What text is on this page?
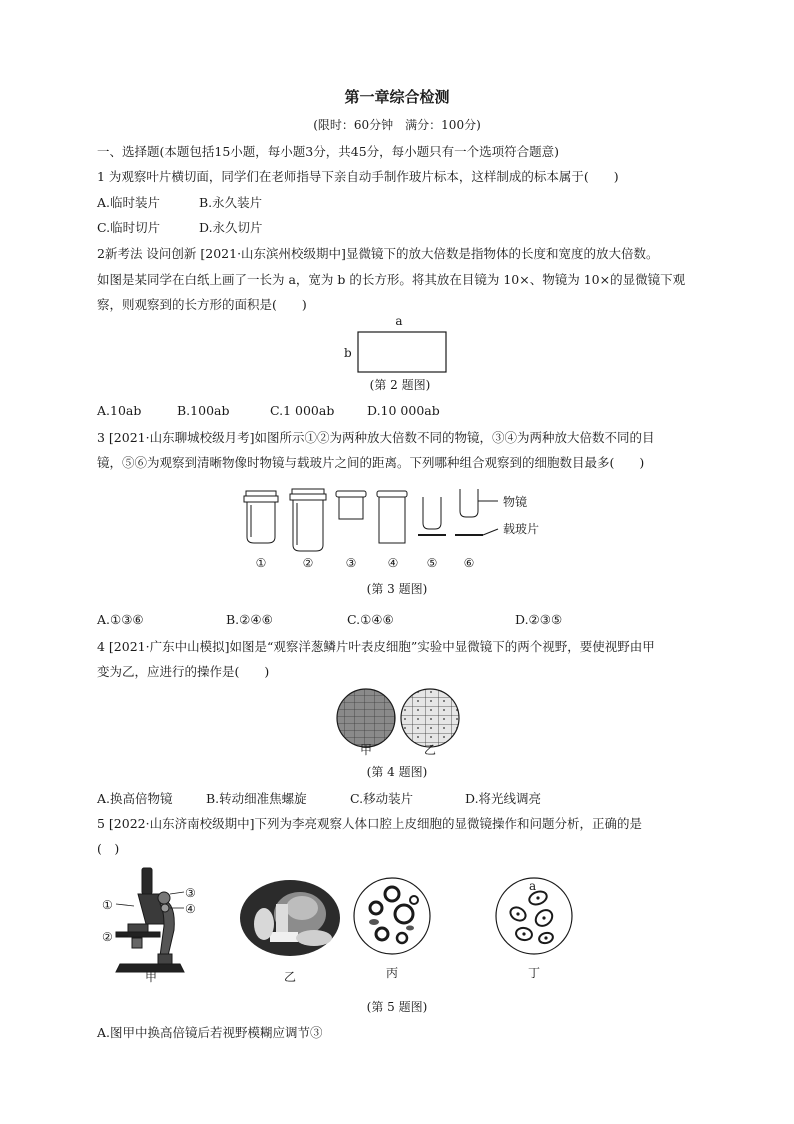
第一章综合检测
(限时：60分钟　满分：100分)
一、选择题(本题包括15小题，每小题3分，共45分，每小题只有一个选项符合题意)
1 为观察叶片横切面，同学们在老师指导下亲自动手制作玻片标本，这样制成的标本属于(　　)
A.临时装片	B.永久装片
C.临时切片	D.永久切片
2新考法 设问创新 [2021·山东滨州校级期中]显微镜下的放大倍数是指物体的长度和宽度的放大倍数。
如图是某同学在白纸上画了一长为 a，宽为 b 的长方形。将其放在目镜为 10×、物镜为 10×的显微镜下观
察，则观察到的长方形的面积是(　　)
a
b
(第 2 题图)
A.10ab	B.100ab	C.1 000ab	D.10 000ab
3 [2021·山东聊城校级月考]如图所示①②为两种放大倍数不同的物镜，③④为两种放大倍数不同的目
镜，⑤⑥为观察到清晰物像时物镜与载玻片之间的距离。下列哪种组合观察到的细胞数目最多(　　)
物镜
载玻片
①	②	③	④ ⑤ ⑥
(第 3 题图)
A.①③⑥	B.②④⑥	C.①④⑥	D.②③⑤
4 [2021·广东中山模拟]如图是“观察洋葱鳞片叶表皮细胞”实验中显微镜下的两个视野，要使视野由甲
变为乙，应进行的操作是(　　)
甲	乙
(第 4 题图)
A.换高倍物镜	B.转动细准焦螺旋	C.移动装片	D.将光线调亮
5 [2022·山东济南校级期中]下列为李亮观察人体口腔上皮细胞的显微镜操作和问题分析，正确的是
(　)
①
②
③
④
甲	乙	丙
a
丁
(第 5 题图)
A.图甲中换高倍镜后若视野模糊应调节③
